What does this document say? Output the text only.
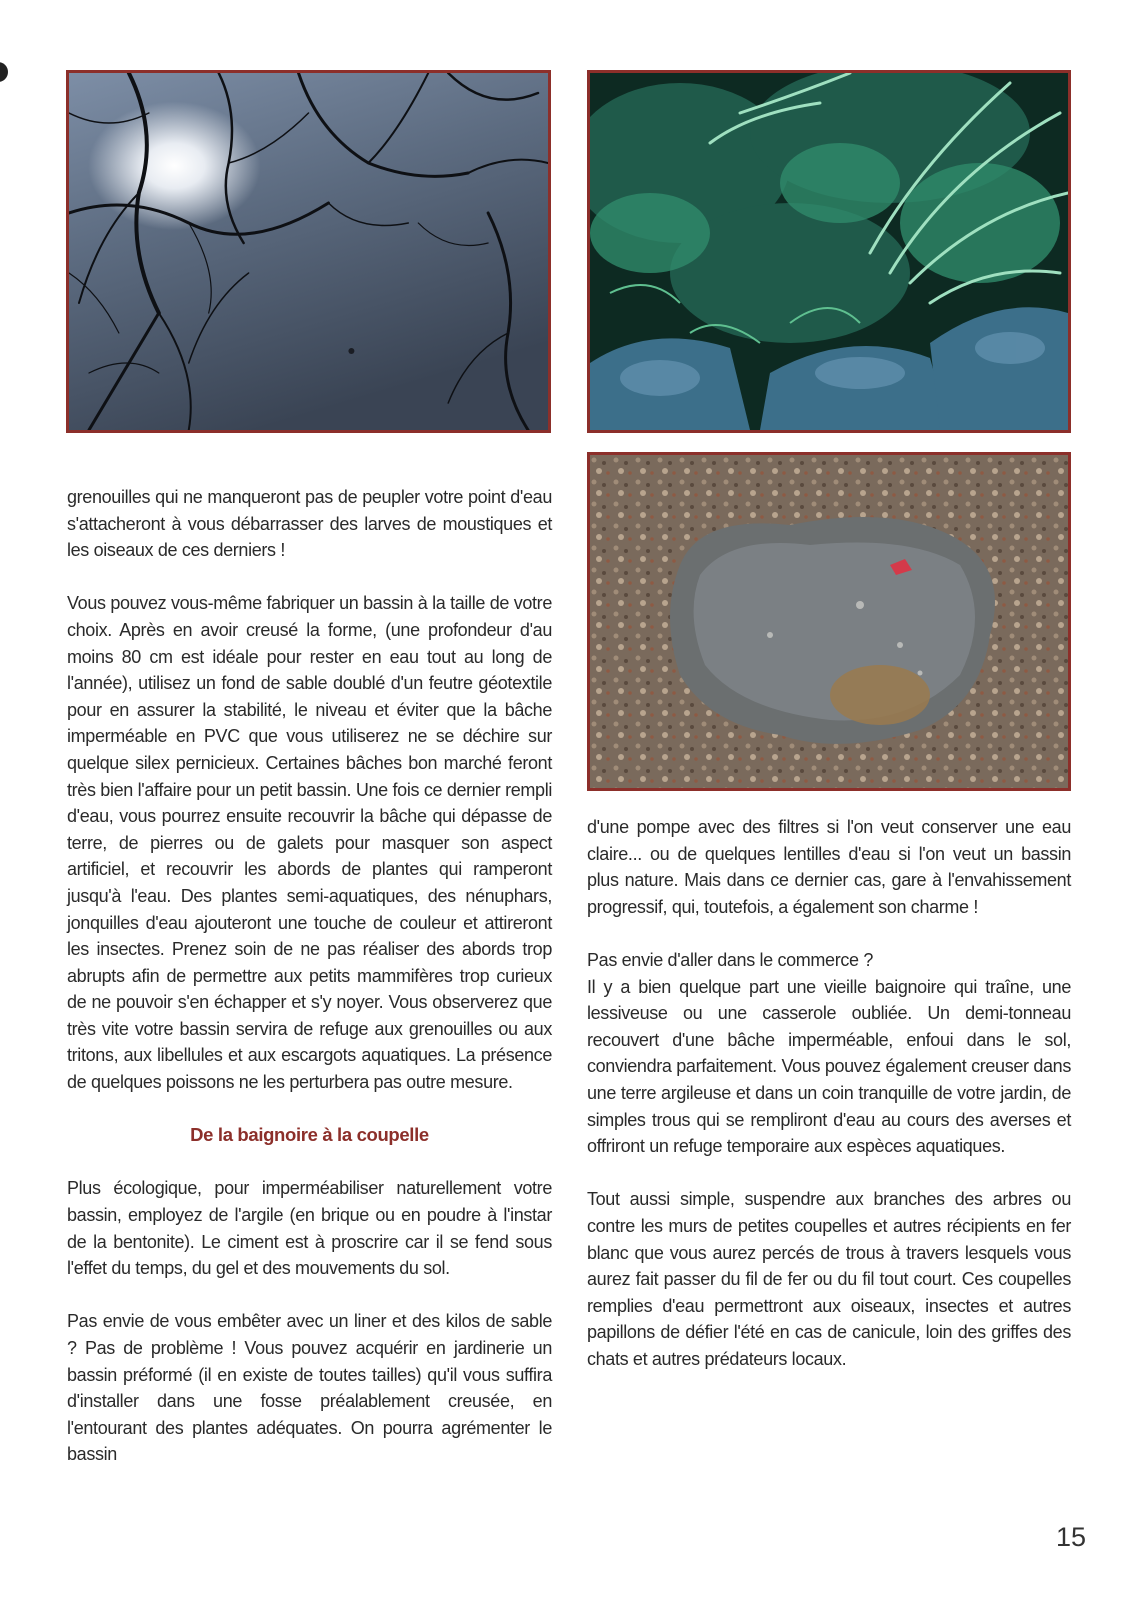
grenouilles qui ne manqueront pas de peupler votre point d'eau s'attacheront à vous débarrasser des larves de moustiques et les oiseaux de ces derniers !

Vous pouvez vous-même fabriquer un bassin à la taille de votre choix. Après en avoir creusé la forme, (une profondeur d'au moins 80 cm est idéale pour rester en eau tout au long de l'année), utilisez un fond de sable doublé d'un feutre géotextile pour en assurer la stabilité, le niveau et éviter que la bâche imperméable en PVC que vous utiliserez ne se déchire sur quelque silex pernicieux. Certaines bâches bon marché feront très bien l'affaire pour un petit bassin. Une fois ce dernier rempli d'eau, vous pourrez ensuite recouvrir la bâche qui dépasse de terre, de pierres ou de galets pour masquer son aspect artificiel, et recouvrir les abords de plantes qui ramperont jusqu'à l'eau. Des plantes semi-aquatiques, des nénuphars, jonquilles d'eau ajouteront une touche de couleur et attireront les insectes. Prenez soin de ne pas réaliser des abords trop abrupts afin de permettre aux petits mammifères trop curieux de ne pouvoir s'en échapper et s'y noyer. Vous observerez que très vite votre bassin servira de refuge aux grenouilles ou aux tritons, aux libellules et aux escargots aquatiques. La présence de quelques poissons ne les perturbera pas outre mesure.

De la baignoire à la coupelle

Plus écologique, pour imperméabiliser naturellement votre bassin, employez de l'argile (en brique ou en poudre à l'instar de la bentonite). Le ciment est à proscrire car il se fend sous l'effet du temps, du gel et des mouvements du sol.

Pas envie de vous embêter avec un liner et des kilos de sable ? Pas de problème ! Vous pouvez acquérir en jardinerie un bassin préformé (il en existe de toutes tailles) qu'il vous suffira d'installer dans une fosse préalablement creusée, en l'entourant des plantes adéquates. On pourra agrémenter le bassin

d'une pompe avec des filtres si l'on veut conserver une eau claire... ou de quelques lentilles d'eau si l'on veut un bassin plus nature. Mais dans ce dernier cas, gare à l'envahissement progressif, qui, toutefois, a également son charme !

Pas envie d'aller dans le commerce ?
Il y a bien quelque part une vieille baignoire qui traîne, une lessiveuse ou une casserole oubliée. Un demi-tonneau recouvert d'une bâche imperméable, enfoui dans le sol, conviendra parfaitement. Vous pouvez également creuser dans une terre argileuse et dans un coin tranquille de votre jardin, de simples trous qui se rempliront d'eau au cours des averses et offriront un refuge temporaire aux espèces aquatiques.

Tout aussi simple, suspendre aux branches des arbres ou contre les murs de petites coupelles et autres récipients en fer blanc que vous aurez percés de trous à travers lesquels vous aurez fait passer du fil de fer ou du fil tout court. Ces coupelles remplies d'eau permettront aux oiseaux, insectes et autres papillons de défier l'été en cas de canicule, loin des griffes des chats et autres prédateurs locaux.

15
